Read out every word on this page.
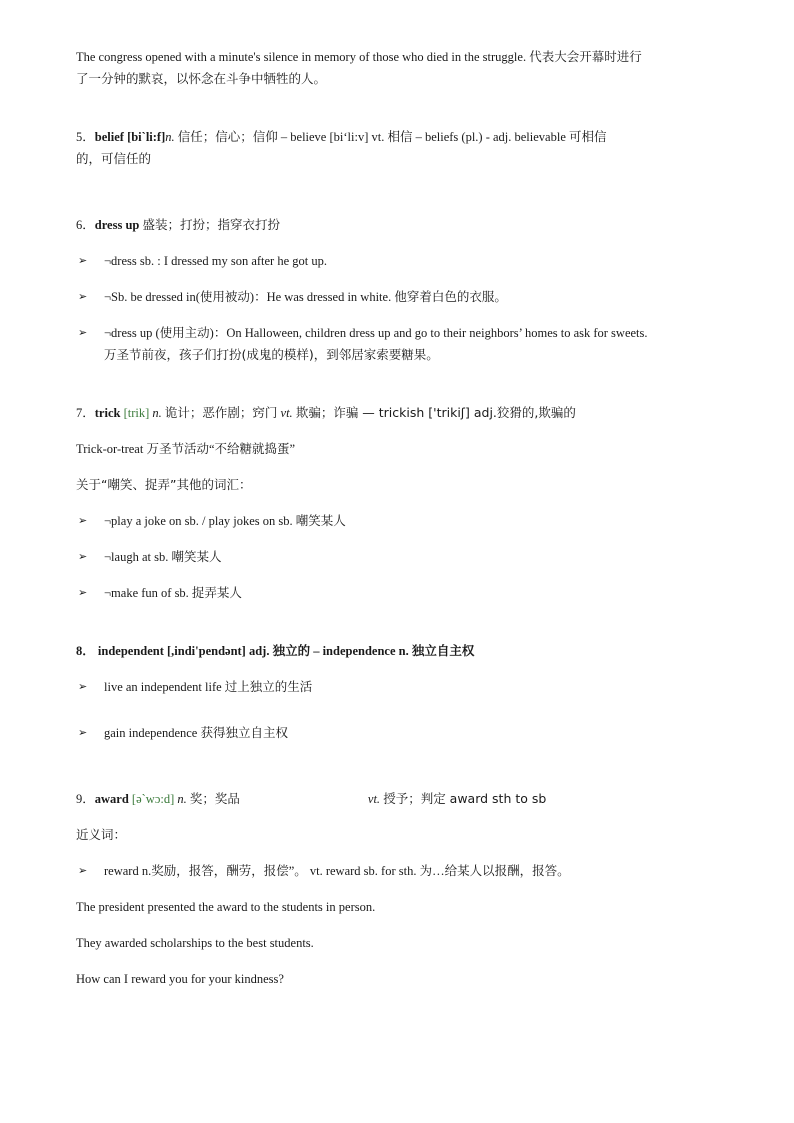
The congress opened with a minute's silence in memory of those who died in the struggle. 代表大会开幕时进行

了一分钟的默哀，以怀念在斗争中牺牲的人。

5．belief [bi`li:f]n. 信任；信心；信仰 – believe [bi‘li:v] vt. 相信 – beliefs (pl.) - adj. believable 可相信

的，可信任的

6．dress up 盛装；打扮；指穿衣打扮

➢ ¬dress sb. : I dressed my son after he got up.
➢ ¬Sb. be dressed in(使用被动)：He was dressed in white. 他穿着白色的衣服。
➢ ¬dress up (使用主动)：On Halloween, children dress up and go to their neighbors’ homes to ask for sweets.
万圣节前夜，孩子们打扮(成鬼的模样)，到邻居家索要糖果。

7．trick [trik] n. 诡计；恶作剧；窍门 vt. 欺骗；诈骗 — trickish ['trikiʃ] adj.狡猾的,欺骗的

Trick-or-treat 万圣节活动“不给糖就捣蛋”

关于“嘲笑、捉弄”其他的词汇：

➢ ¬play a joke on sb. / play jokes on sb. 嘲笑某人
➢ ¬laugh at sb. 嘲笑某人
➢ ¬make fun of sb. 捉弄某人

8． independent [,indi'pendənt] adj. 独立的 – independence n. 独立自主权

➢ live an independent life 过上独立的生活
➢ gain independence 获得独立自主权

9．award [ə`wɔ:d] n. 奖；奖品	vt. 授予；判定 award sth to sb

近义词：

➢ reward n.奖励，报答，酬劳，报偿”。 vt. reward sb. for sth. 为…给某人以报酬，报答。

The president presented the award to the students in person.

They awarded scholarships to the best students.

How can I reward you for your kindness?
